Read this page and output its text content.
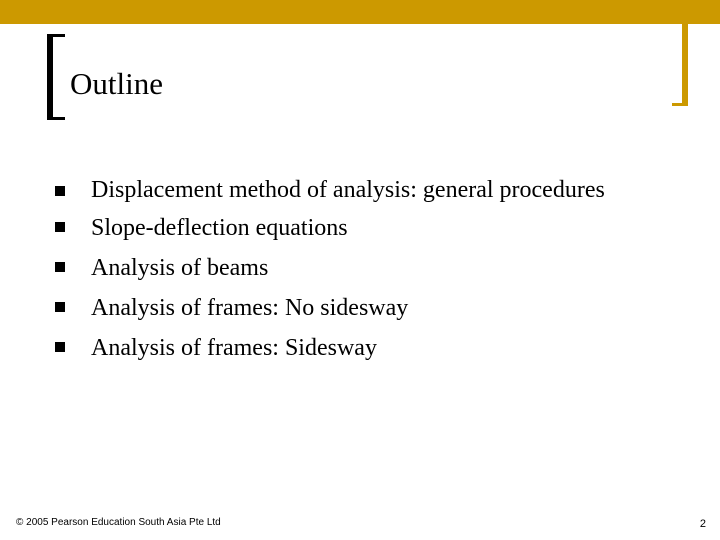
Outline
Displacement method of analysis: general procedures
Slope-deflection equations
Analysis of beams
Analysis of frames: No sidesway
Analysis of frames: Sidesway
© 2005 Pearson Education South Asia Pte Ltd	2
